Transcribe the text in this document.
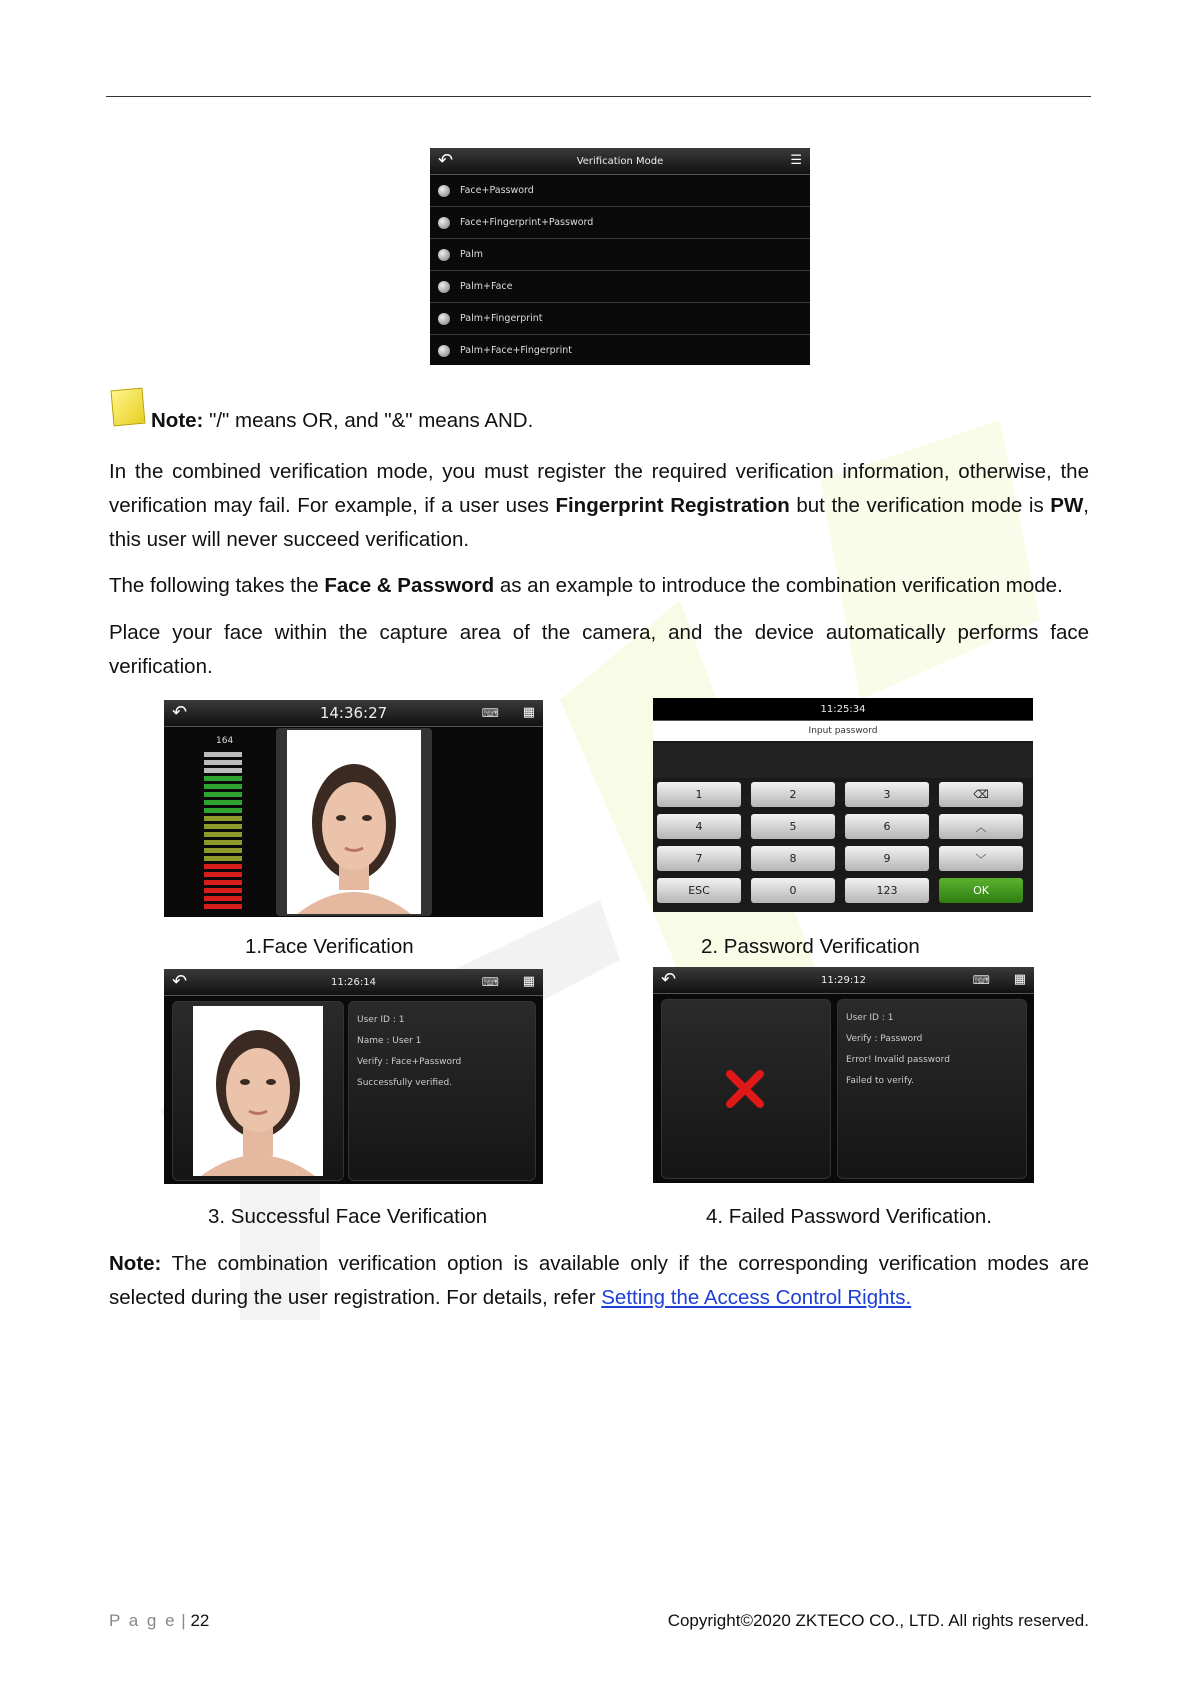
↶	Verification Mode	☰
Face+Password
Face+Fingerprint+Password
Palm
Palm+Face
Palm+Fingerprint
Palm+Face+Fingerprint
Note: "/" means OR, and "&" means AND.

In the combined verification mode, you must register the required verification information, otherwise, the verification may fail. For example, if a user uses Fingerprint Registration but the verification mode is PW, this user will never succeed verification.

The following takes the Face & Password as an example to introduce the combination verification mode.

Place your face within the capture area of the camera, and the device automatically performs face verification.

↶	14:36:27	⌨ ▦
164
11:25:34
Input password
1	2	3	⌫
4	5	6	︿
7	8	9	﹀
ESC	0	123	OK
1.Face Verification	2. Password Verification
↶	11:26:14	⌨ ▦
User ID : 1
Name : User 1
Verify : Face+Password
Successfully verified.
↶	11:29:12	⌨ ▦
User ID : 1
Verify : Password
Error! Invalid password
Failed to verify.
3. Successful Face Verification	4. Failed Password Verification.

Note: The combination verification option is available only if the corresponding verification modes are selected during the user registration. For details, refer Setting the Access Control Rights.

P a g e | 22	Copyright©2020 ZKTECO CO., LTD. All rights reserved.
